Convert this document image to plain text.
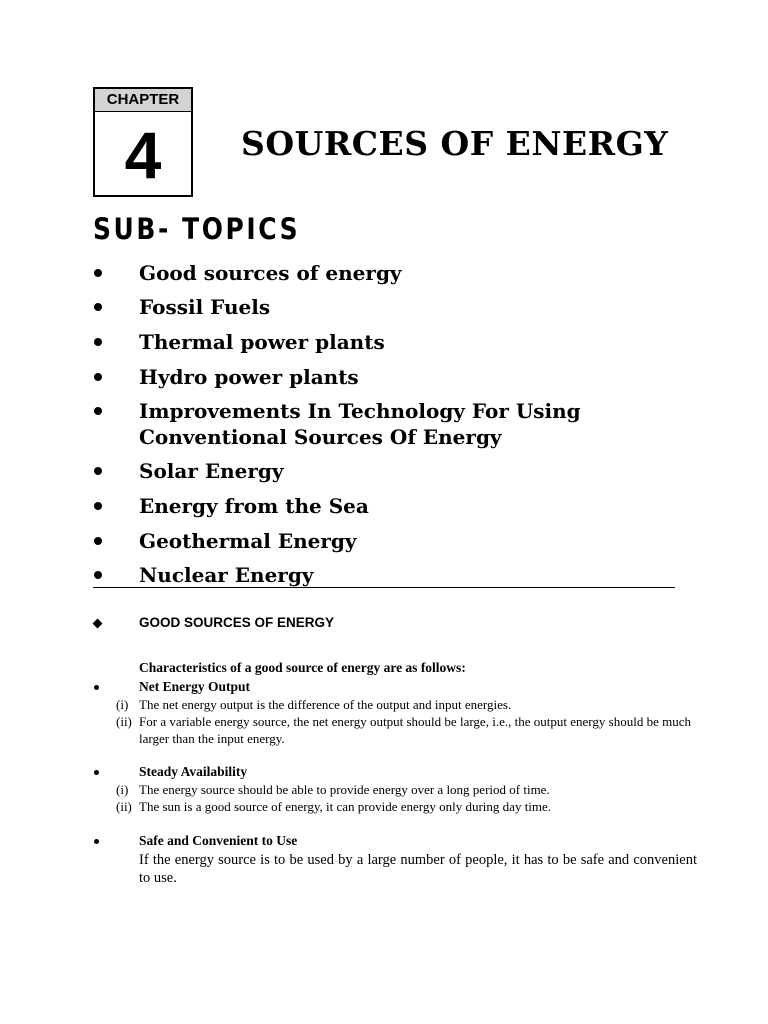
CHAPTER
4	SOURCES OF ENERGY
SUB- TOPICS
Good sources of energy
Fossil Fuels
Thermal power plants
Hydro power plants
Improvements In Technology For Using
Conventional Sources Of Energy
Solar Energy
Energy from the Sea
Geothermal Energy
Nuclear Energy
GOOD SOURCES OF ENERGY
Characteristics of a good source of energy are as follows:
Net Energy Output
(i) The net energy output is the difference of the output and input energies.
(ii) For a variable energy source, the net energy output should be large, i.e., the output energy should be much larger than the input energy.
Steady Availability
(i) The energy source should be able to provide energy over a long period of time.
(ii) The sun is a good source of energy, it can provide energy only during day time.
Safe and Convenient to Use
If the energy source is to be used by a large number of people, it has to be safe and convenient to use.
